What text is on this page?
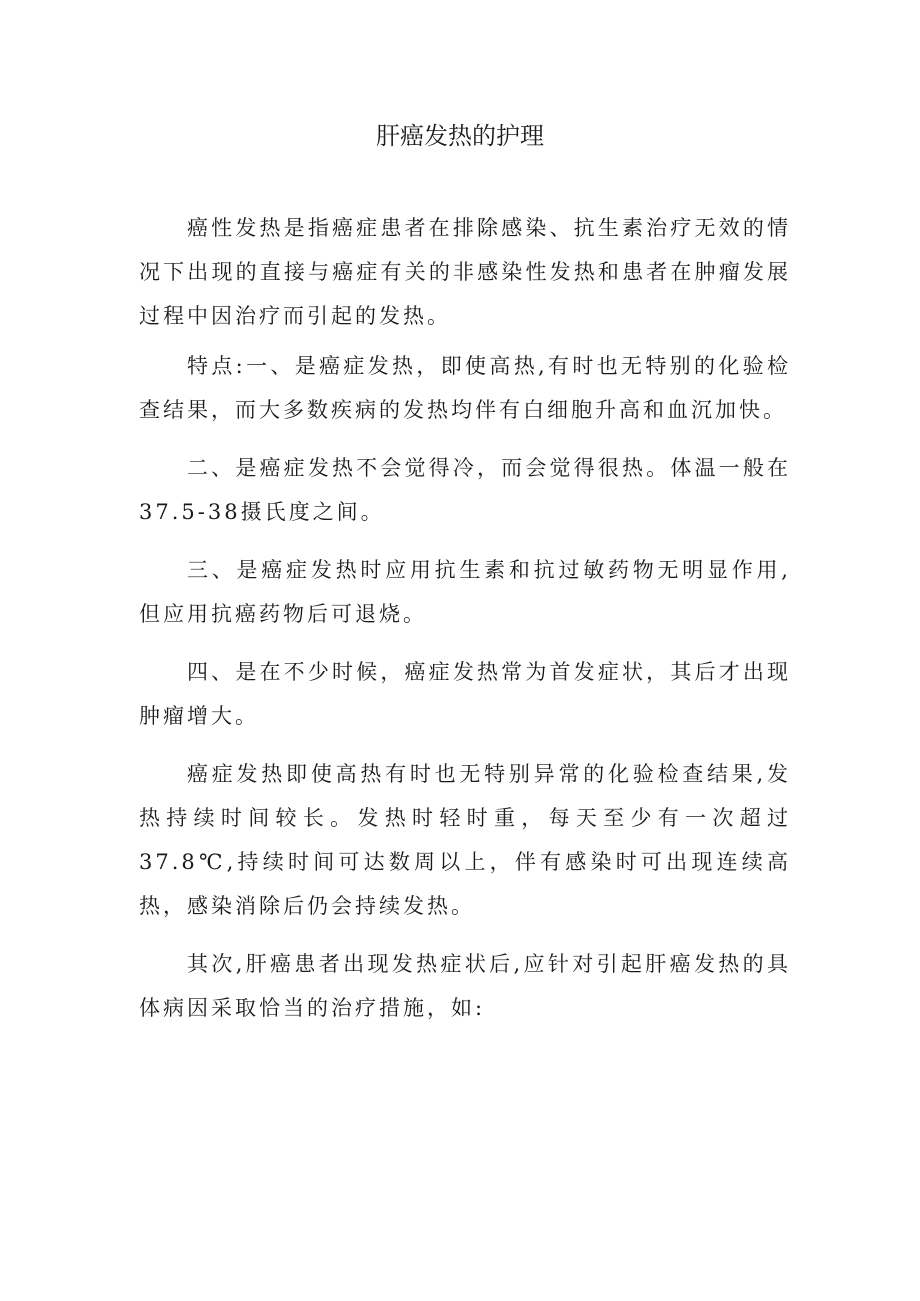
肝癌发热的护理

癌性发热是指癌症患者在排除感染、抗生素治疗无效的情况下出现的直接与癌症有关的非感染性发热和患者在肿瘤发展过程中因治疗而引起的发热。

特点:一、是癌症发热，即使高热,有时也无特别的化验检查结果，而大多数疾病的发热均伴有白细胞升高和血沉加快。

二、是癌症发热不会觉得冷，而会觉得很热。体温一般在37.5-38摄氏度之间。

三、是癌症发热时应用抗生素和抗过敏药物无明显作用,但应用抗癌药物后可退烧。

四、是在不少时候，癌症发热常为首发症状，其后才出现肿瘤增大。

癌症发热即使高热有时也无特别异常的化验检查结果,发热持续时间较长。发热时轻时重，每天至少有一次超过37.8℃,持续时间可达数周以上，伴有感染时可出现连续高热，感染消除后仍会持续发热。

其次,肝癌患者出现发热症状后,应针对引起肝癌发热的具体病因采取恰当的治疗措施，如:
